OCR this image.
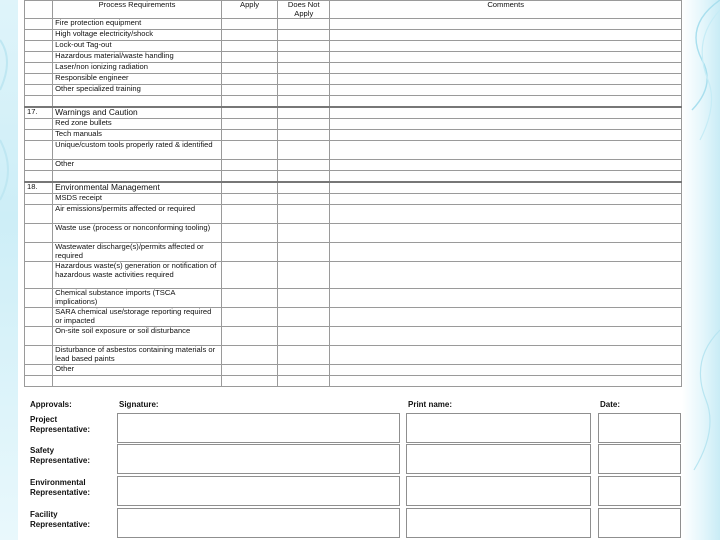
	Process Requirements	Apply	Does Not Apply	Comments
	Fire protection equipment			
	High voltage electricity/shock			
	Lock-out Tag-out			
	Hazardous material/waste handling			
	Laser/non ionizing radiation			
	Responsible engineer			
	Other specialized training			

17.	Warnings and Caution			
	Red zone bullets			
	Tech manuals			
	Unique/custom tools properly rated & identified			
	Other			

18.	Environmental Management			
	MSDS receipt			
	Air emissions/permits affected or required			
	Waste use (process or nonconforming tooling)			
	Wastewater discharge(s)/permits affected or required			
	Hazardous waste(s) generation or notification of hazardous waste activities required			
	Chemical substance imports (TSCA implications)			
	SARA chemical use/storage reporting required or impacted			
	On-site soil exposure or soil disturbance			
	Disturbance of asbestos containing materials or lead based paints			
	Other			

Approvals:	Signature:	Print name:	Date:
Project
Representative:
Safety
Representative:
Environmental
Representative:
Facility
Representative:
